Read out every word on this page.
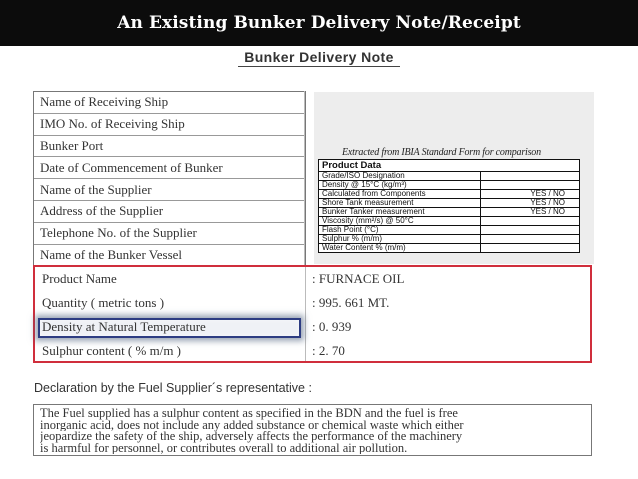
An Existing Bunker Delivery Note/Receipt
Bunker Delivery Note
Name of Receiving Ship
IMO No. of Receiving Ship
Bunker Port
Date of Commencement of Bunker
Name of the Supplier
Address of the Supplier
Telephone No. of the Supplier
Name of the Bunker Vessel
Extracted from IBIA Standard Form for comparison
Product Data
Grade/ISO Designation
Density @ 15°C (kg/m³)
Calculated from Components	YES / NO
Shore Tank measurement	YES / NO
Bunker Tanker measurement	YES / NO
Viscosity (mm²/s) @ 50°C
Flash Point (°C)
Sulphur % (m/m)
Water Content % (m/m)
Product Name	: FURNACE OIL
Quantity ( metric tons )	: 995. 661 MT.
Density at Natural Temperature	: 0. 939
Sulphur content ( % m/m )	: 2. 70
Declaration by the Fuel Supplier´s representative :
The Fuel supplied has a sulphur content as specified in the BDN and the fuel is free
inorganic acid, does not include any added substance or chemical waste which either
jeopardize the safety of the ship, adversely affects the performance of the machinery
is harmful for personnel, or contributes overall to additional air pollution.
